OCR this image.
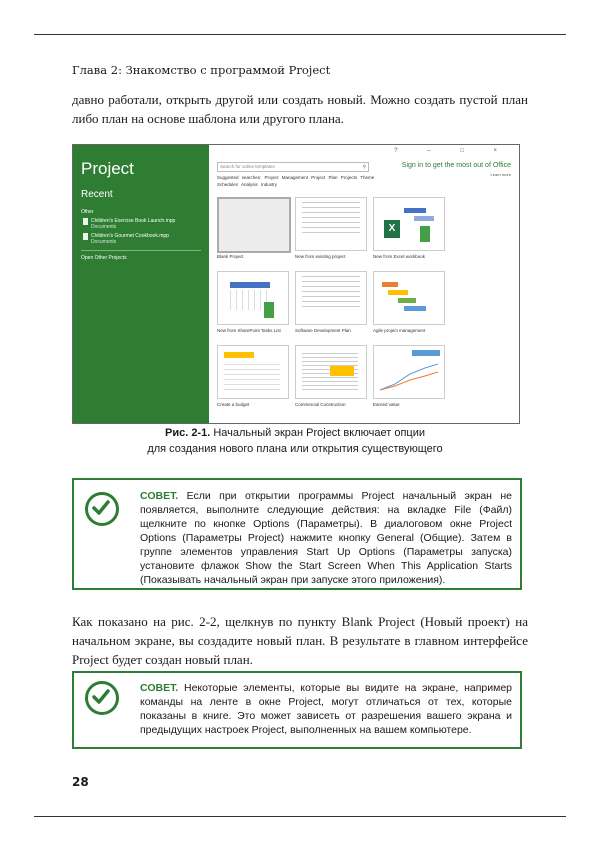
Глава 2: Знакомство с программой Project
давно работали, открыть другой или создать новый. Можно создать пустой план либо план на основе шаблона или другого плана.
Project
Recent
Other
Children's Exercise Book Launch.mpp
Documents
Children's Gourmet Cookbook.mpp
Documents
Open Other Projects
? – □ ×
Search for online templates	⚲	Sign in to get the most out of Office
Learn more
Suggested searches: Project Management Project Plan Projects Theme
Schedules Analysis Industry
Blank Project	New from existing project
X
New from Excel workbook
New from SharePoint Tasks List	Software Development Plan	Agile project management
Create a budget	Commercial Construction	Earned value
Рис. 2-1. Начальный экран Project включает опции
для создания нового плана или открытия существующего
СОВЕТ. Если при открытии программы Project начальный экран не появляется, выполните следующие действия: на вкладке File (Файл) щелкните по кнопке Options (Параметры). В диалоговом окне Project Options (Параметры Project) нажмите кнопку General (Общие). Затем в группе элементов управления Start Up Options (Параметры запуска) установите флажок Show the Start Screen When This Application Starts (Показывать начальный экран при запуске этого приложения).
Как показано на рис. 2-2, щелкнув по пункту Blank Project (Новый проект) на начальном экране, вы создадите новый план. В результате в главном интерфейсе Project будет создан новый план.
СОВЕТ. Некоторые элементы, которые вы видите на экране, например команды на ленте в окне Project, могут отличаться от тех, которые показаны в книге. Это может зависеть от разрешения вашего экрана и предыдущих настроек Project, выполненных на вашем компьютере.
28
